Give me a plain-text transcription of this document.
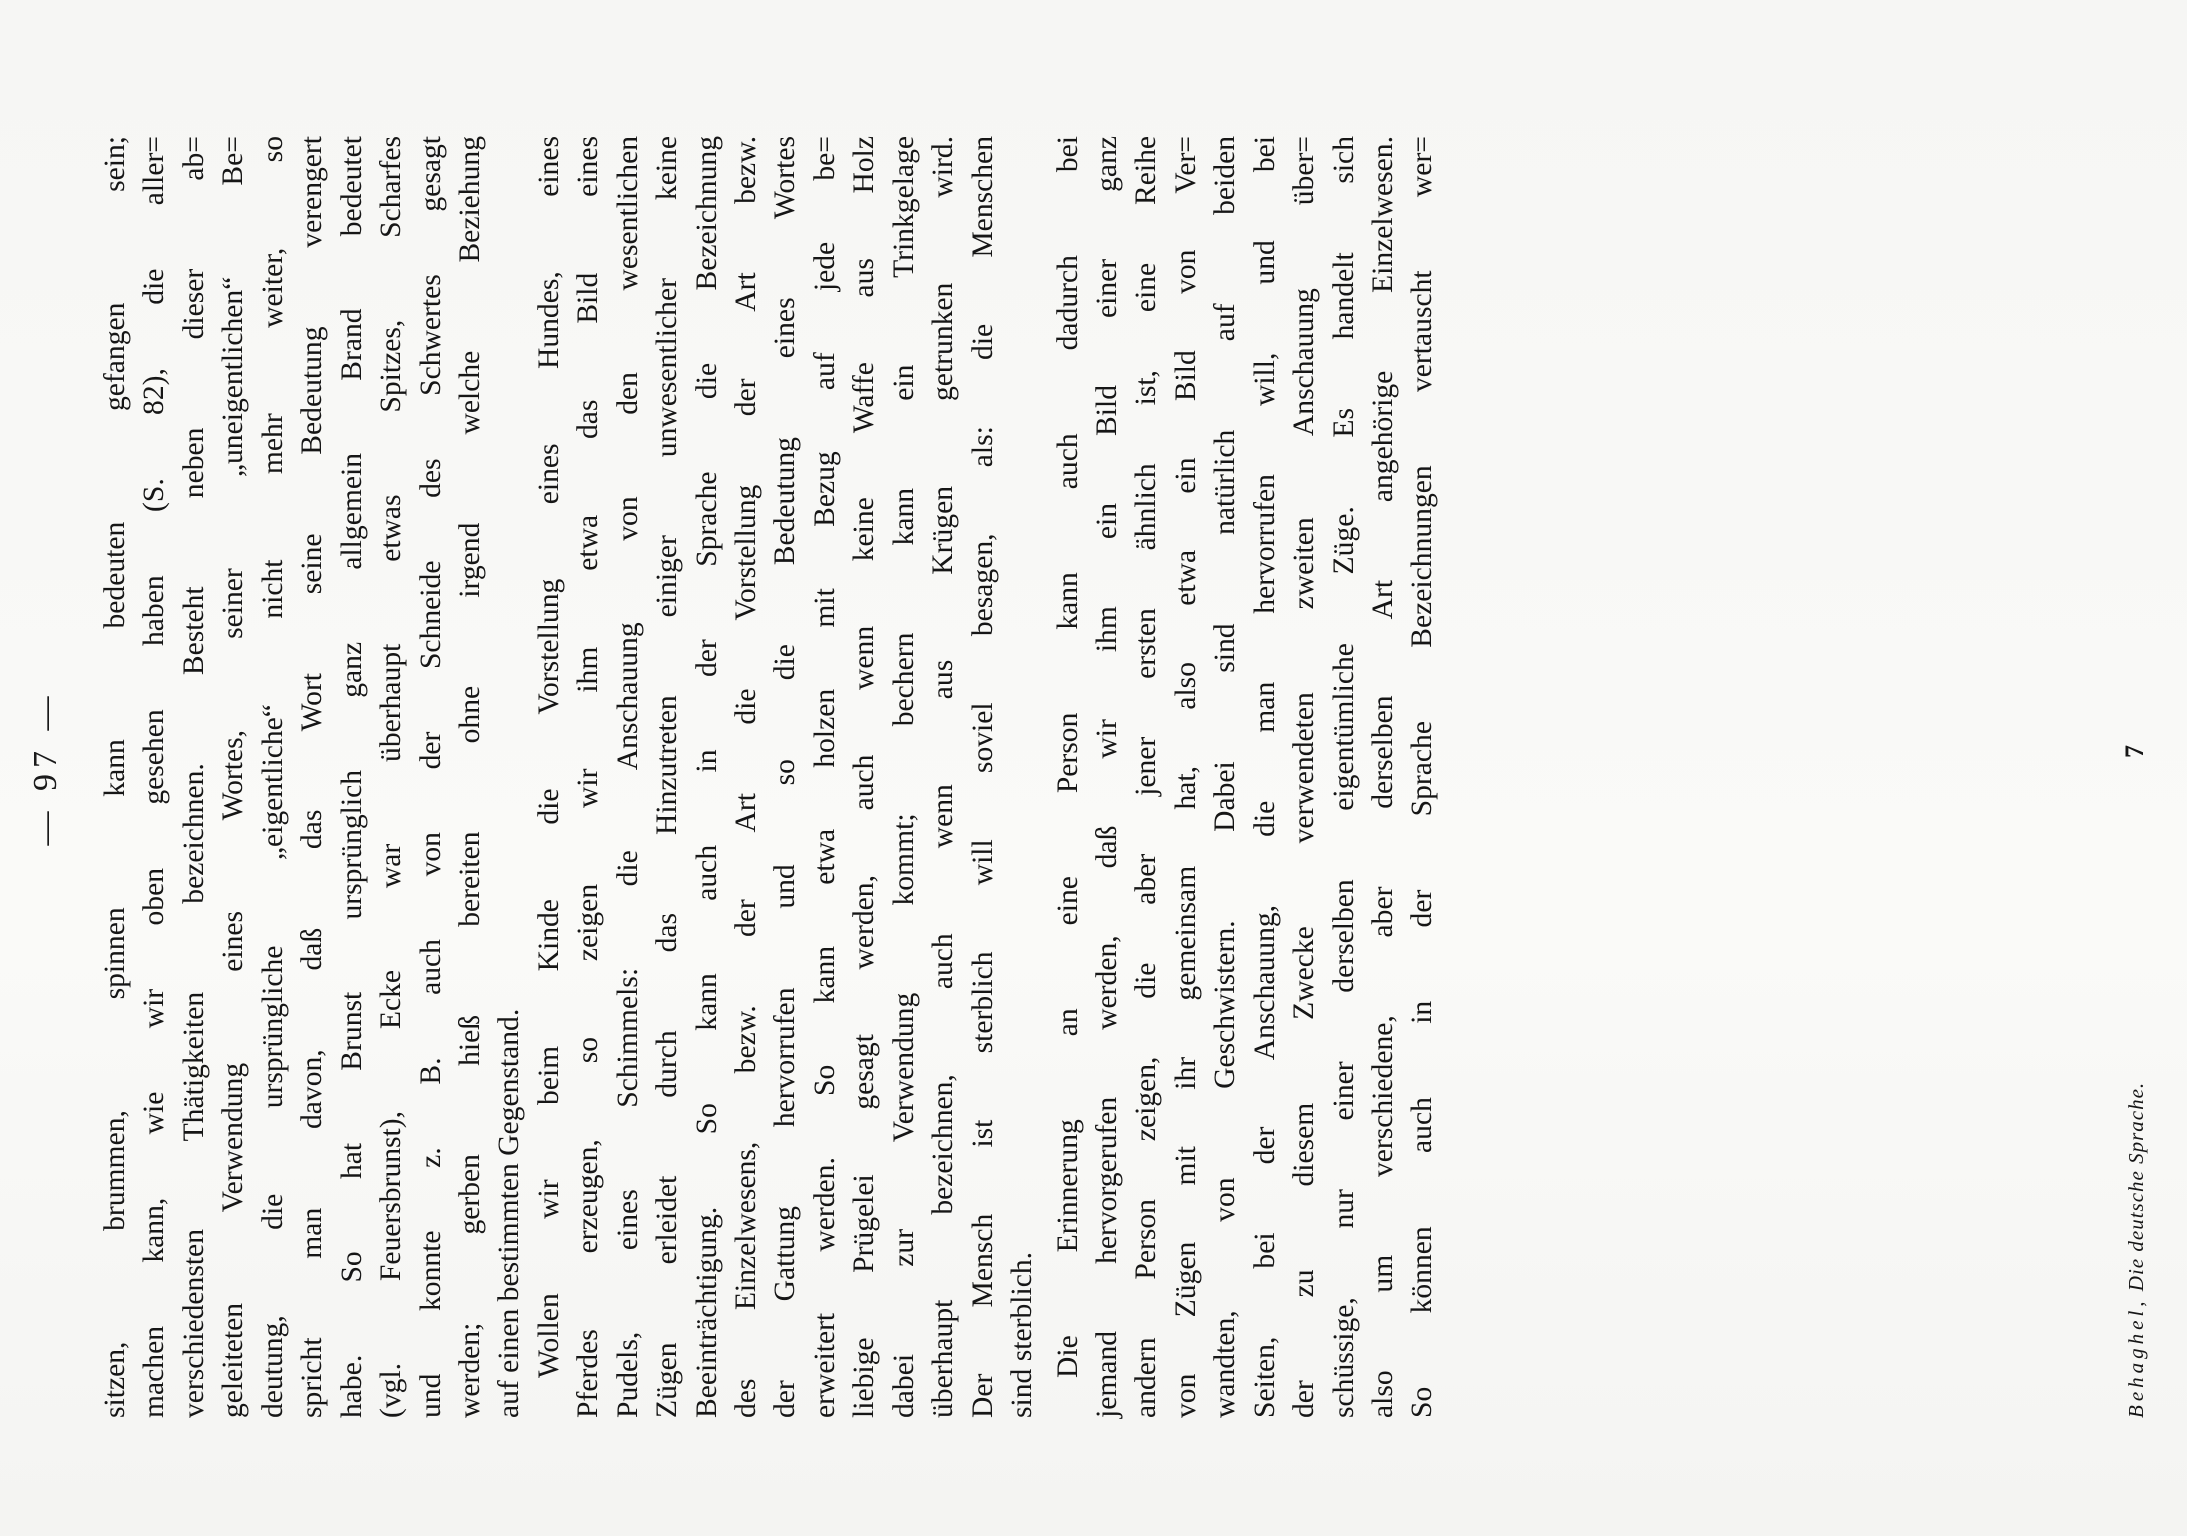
— 97 — sitzen, brummen, spinnen kann bedeuten gefangen sein; machen kann, wie wir oben gesehen haben (S. 82), die aller= verschiedensten Thätigkeiten bezeichnen. Besteht neben dieser ab= geleiteten Verwendung eines Wortes, seiner „uneigentlichen“ Be= deutung, die ursprüngliche „eigentliche“ nicht mehr weiter, so spricht man davon, daß das Wort seine Bedeutung verengert habe. So hat Brunst ursprünglich ganz allgemein Brand bedeutet (vgl. Feuersbrunst), Ecke war überhaupt etwas Spitzes, Scharfes und konnte z. B. auch von der Schneide des Schwertes gesagt werden; gerben hieß bereiten ohne irgend welche Beziehung auf einen bestimmten Gegenstand. Wollen wir beim Kinde die Vorstellung eines Hundes, eines Pferdes erzeugen, so zeigen wir ihm etwa das Bild eines Pudels, eines Schimmels: die Anschauung von den wesentlichen Zügen erleidet durch das Hinzutreten einiger unwesentlicher keine Beeinträchtigung. So kann auch in der Sprache die Bezeichnung des Einzelwesens, bezw. der Art die Vorstellung der Art bezw. der Gattung hervorrufen und so die Bedeutung eines Wortes erweitert werden. So kann etwa holzen mit Bezug auf jede be= liebige Prügelei gesagt werden, auch wenn keine Waffe aus Holz dabei zur Verwendung kommt; bechern kann ein Trinkgelage überhaupt bezeichnen, auch wenn aus Krügen getrunken wird. Der Mensch ist sterblich will soviel besagen, als: die Menschen sind sterblich. Die Erinnerung an eine Person kann auch dadurch bei jemand hervorgerufen werden, daß wir ihm ein Bild einer ganz andern Person zeigen, die aber jener ersten ähnlich ist, eine Reihe von Zügen mit ihr gemeinsam hat, also etwa ein Bild von Ver= wandten, von Geschwistern. Dabei sind natürlich auf beiden Seiten, bei der Anschauung, die man hervorrufen will, und bei der zu diesem Zwecke verwendeten zweiten Anschauung über= schüssige, nur einer derselben eigentümliche Züge. Es handelt sich also um verschiedene, aber derselben Art angehörige Einzelwesen. So können auch in der Sprache Bezeichnungen vertauscht wer=	Behaghel, Die deutsche Sprache.
7
